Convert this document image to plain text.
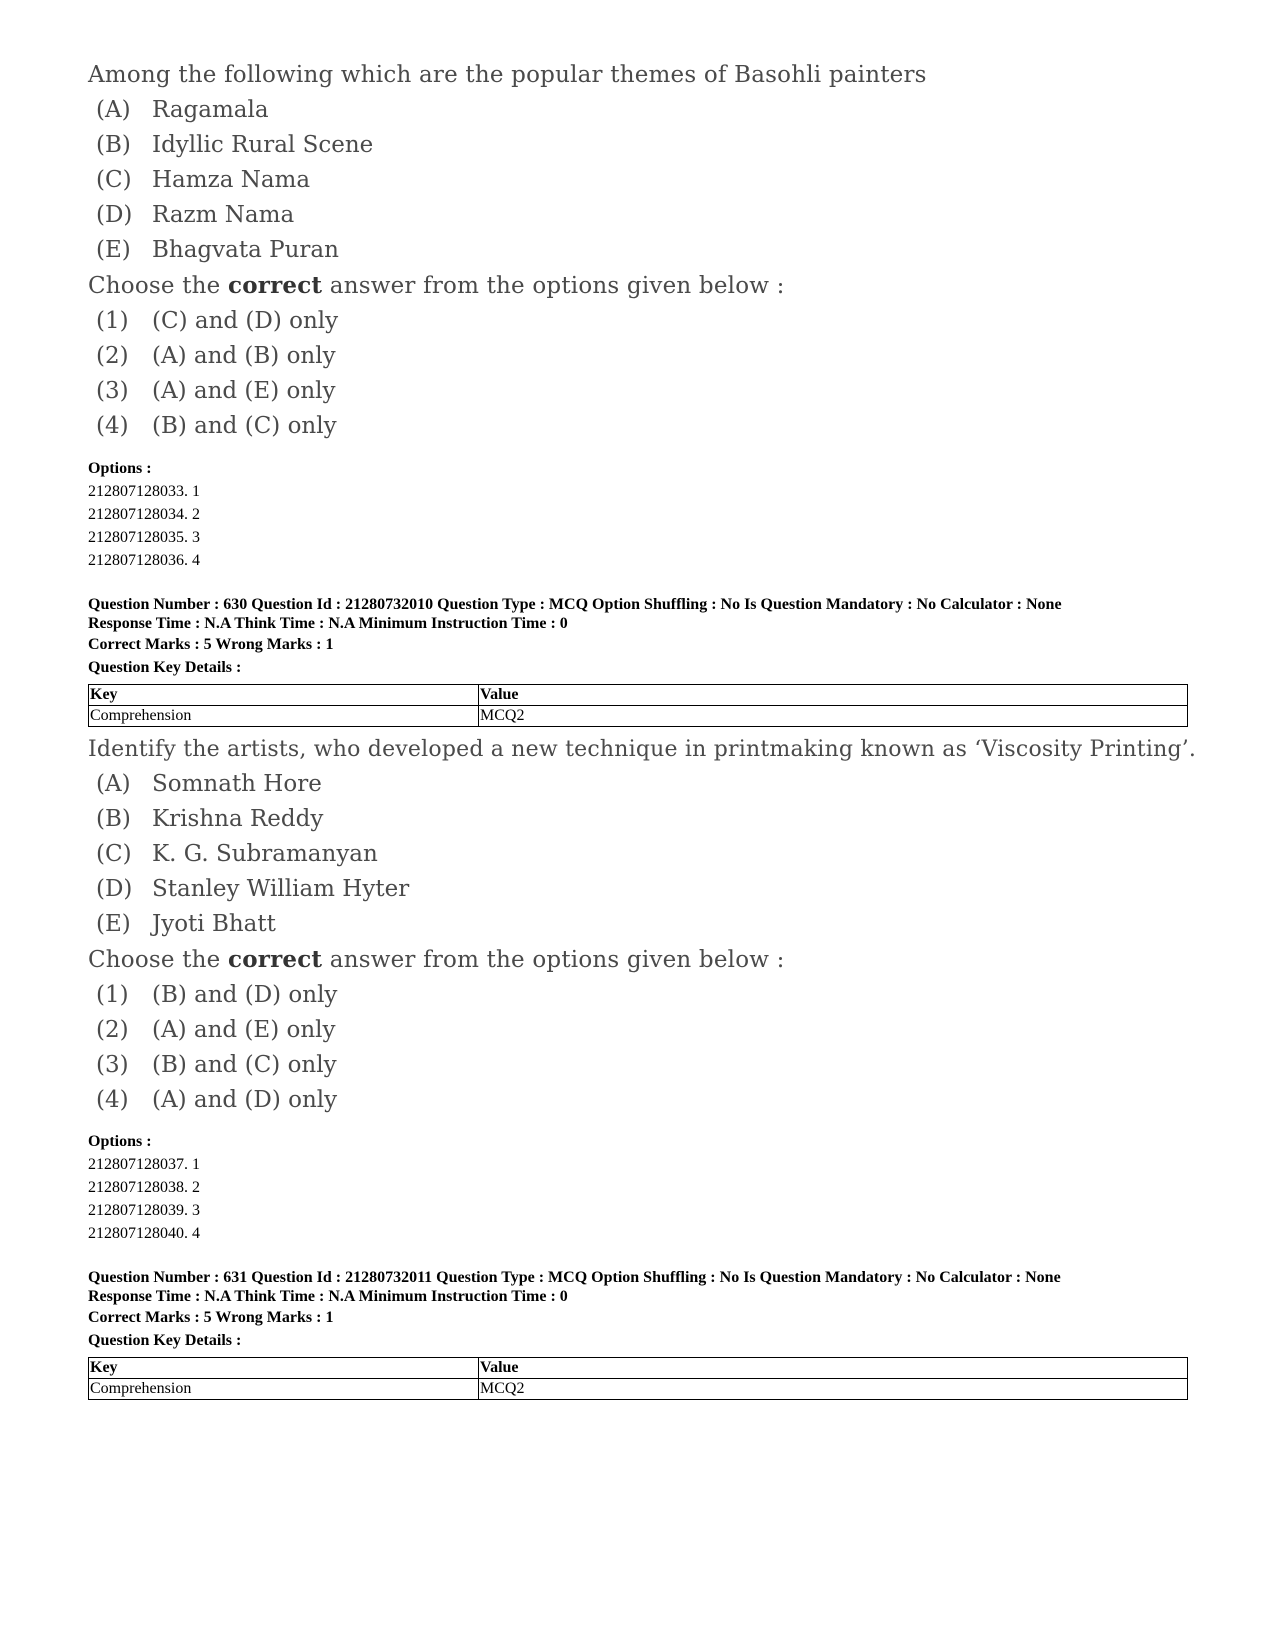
Among the following which are the popular themes of Basohli painters
(A) Ragamala
(B) Idyllic Rural Scene
(C) Hamza Nama
(D) Razm Nama
(E) Bhagvata Puran
Choose the correct answer from the options given below :
(1)	(C) and (D) only
(2)	(A) and (B) only
(3)	(A) and (E) only
(4)	(B) and (C) only
Options :
212807128033. 1
212807128034. 2
212807128035. 3
212807128036. 4
Question Number : 630 Question Id : 21280732010 Question Type : MCQ Option Shuffling : No Is Question Mandatory : No Calculator : None
Response Time : N.A Think Time : N.A Minimum Instruction Time : 0
Correct Marks : 5 Wrong Marks : 1
Question Key Details :
Key	Value
Comprehension	MCQ2
Identify the artists, who developed a new technique in printmaking known as ‘Viscosity Printing’.
(A) Somnath Hore
(B) Krishna Reddy
(C) K. G. Subramanyan
(D) Stanley William Hyter
(E) Jyoti Bhatt
Choose the correct answer from the options given below :
(1)	(B) and (D) only
(2)	(A) and (E) only
(3)	(B) and (C) only
(4)	(A) and (D) only
Options :
212807128037. 1
212807128038. 2
212807128039. 3
212807128040. 4
Question Number : 631 Question Id : 21280732011 Question Type : MCQ Option Shuffling : No Is Question Mandatory : No Calculator : None
Response Time : N.A Think Time : N.A Minimum Instruction Time : 0
Correct Marks : 5 Wrong Marks : 1
Question Key Details :
Key	Value
Comprehension	MCQ2
